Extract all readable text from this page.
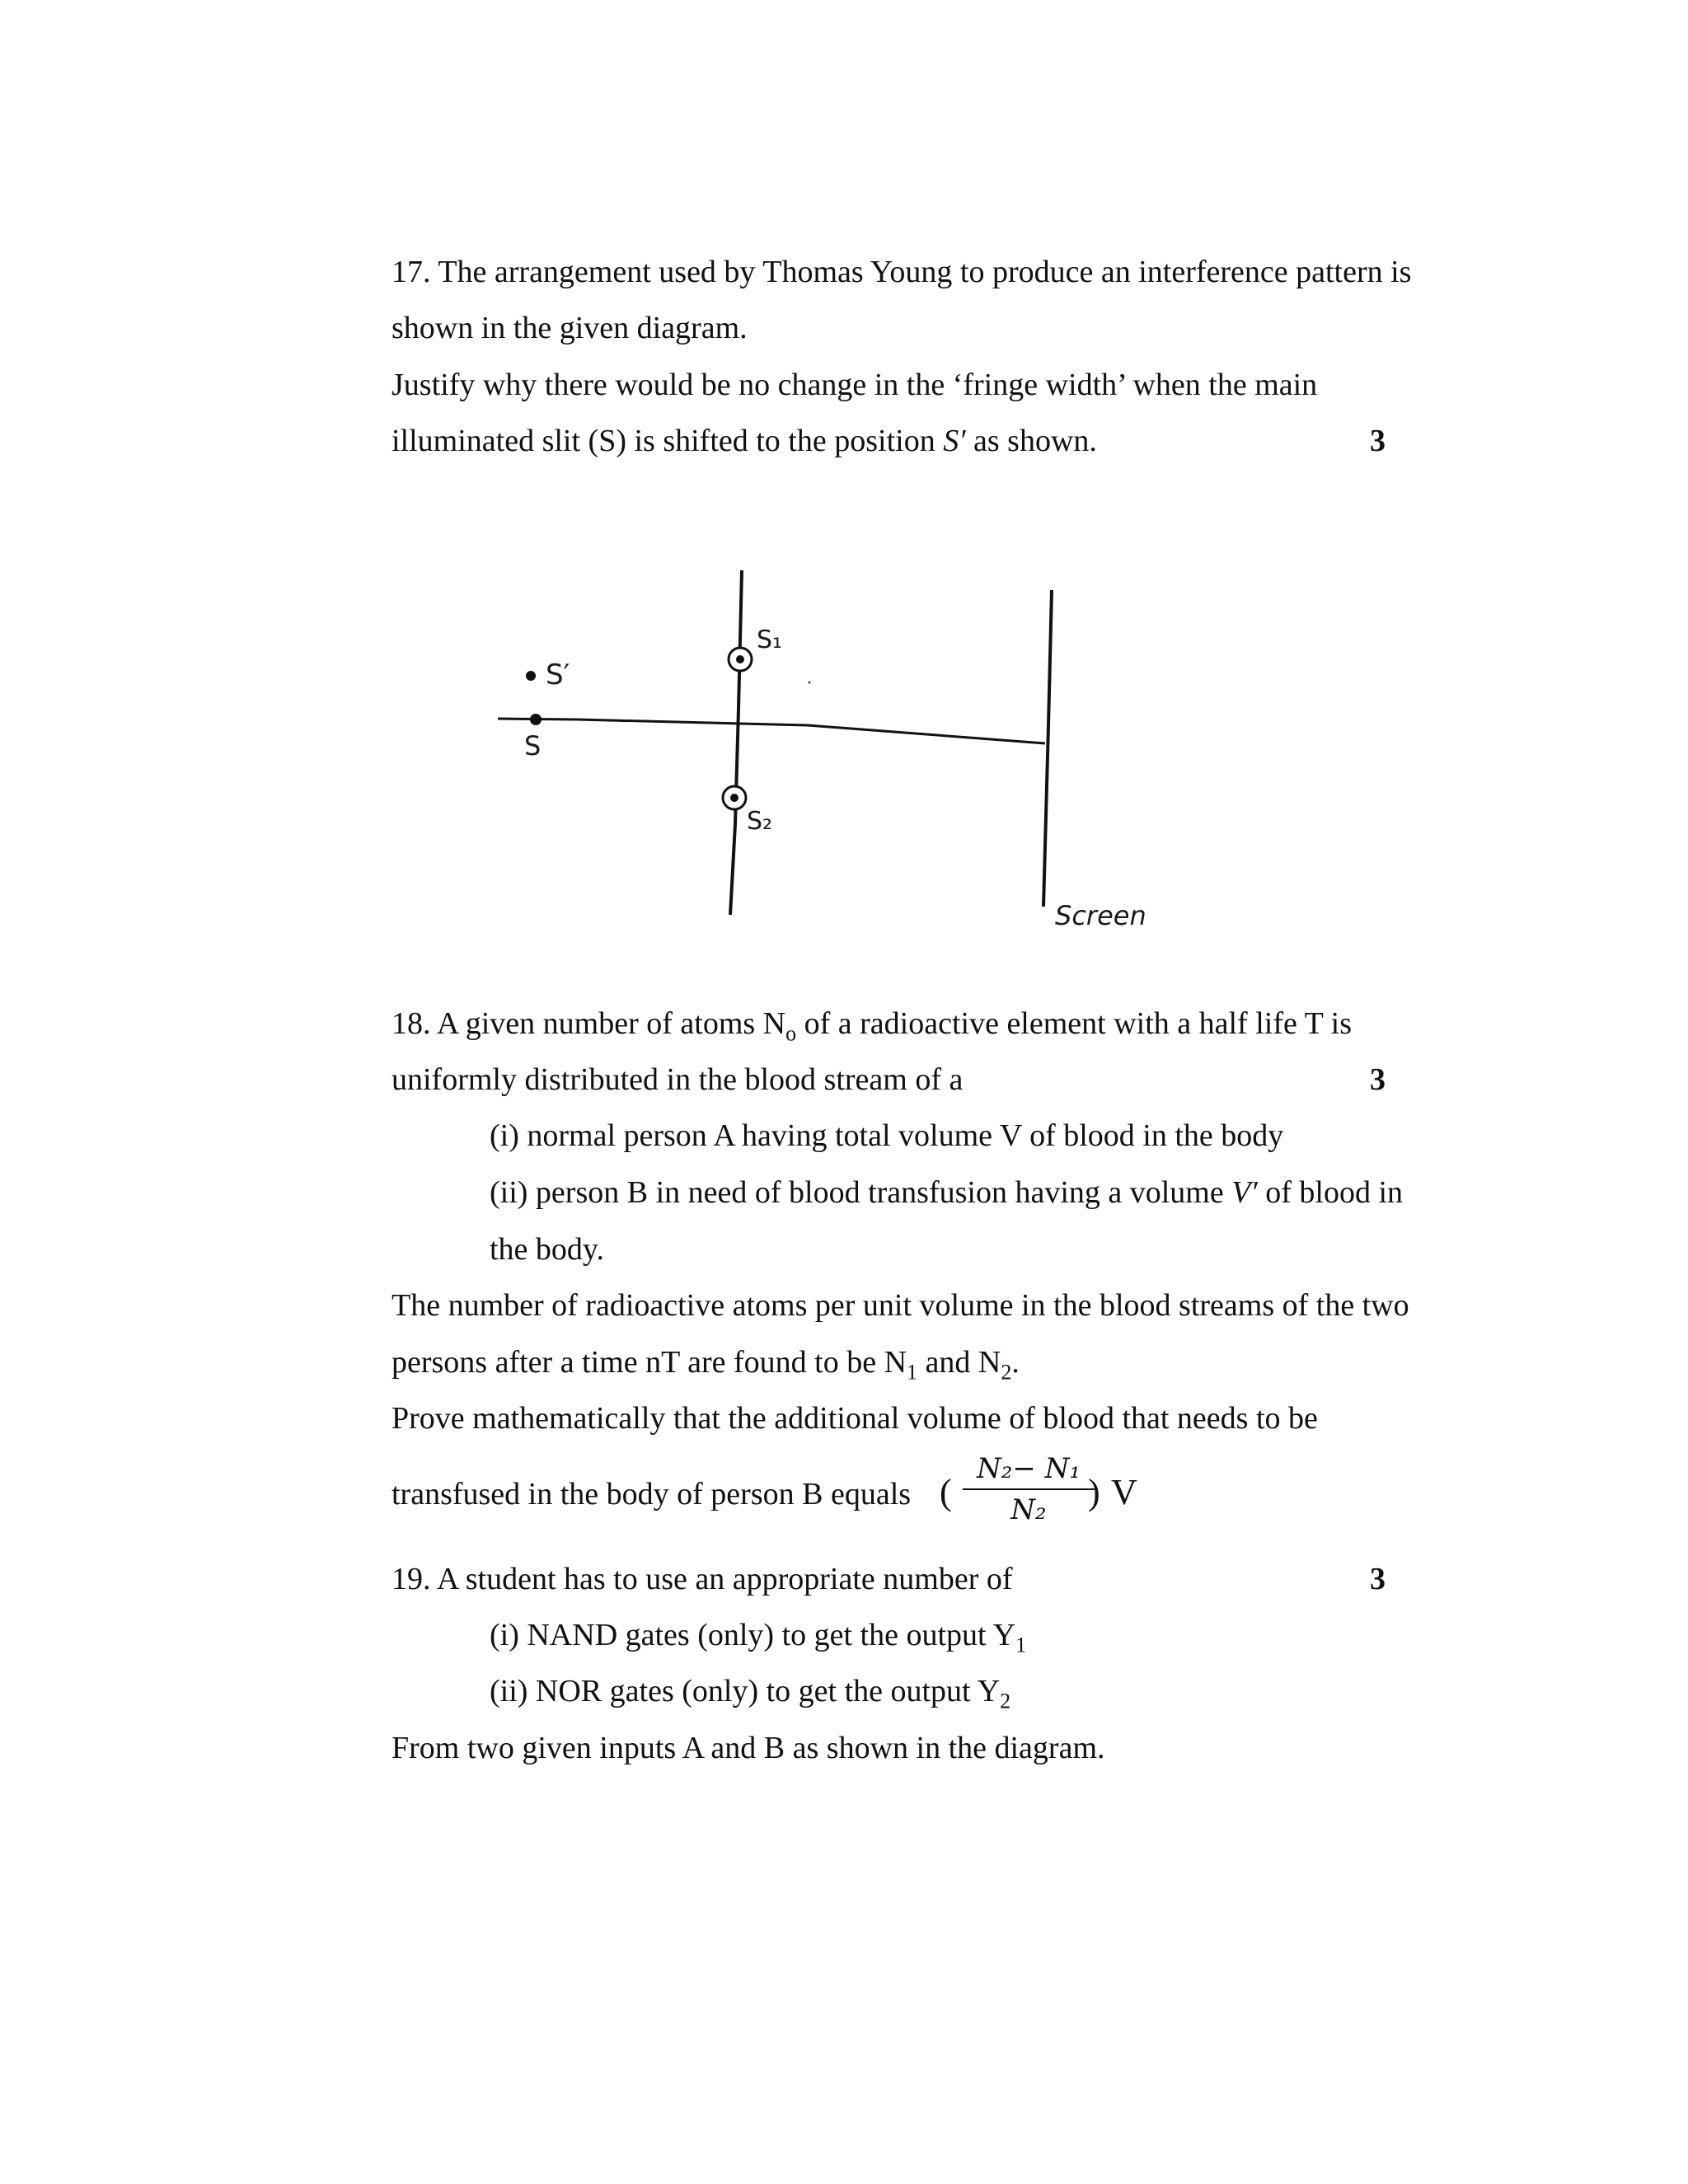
17. The arrangement used by Thomas Young to produce an interference pattern is
shown in the given diagram.
Justify why there would be no change in the ‘fringe width’ when the main
illuminated slit (S) is shifted to the position S′ as shown.	3
S′
S
S₁
S₂
Screen
18. A given number of atoms $N_o$ of a radioactive element with a half life T is
uniformly distributed in the blood stream of a	3
(i) normal person A having total volume V of blood in the body
(ii) person B in need of blood transfusion having a volume V′ of blood in
the body.
The number of radioactive atoms per unit volume in the blood streams of the two
persons after a time nT are found to be $N_1$ and $N_2$.
Prove mathematically that the additional volume of blood that needs to be
transfused in the body of person B equals (
N₂− N₁
N₂	) V
19. A student has to use an appropriate number of	3
(i) NAND gates (only) to get the output $Y_1$
(ii) NOR gates (only) to get the output $Y_2$
From two given inputs A and B as shown in the diagram.
